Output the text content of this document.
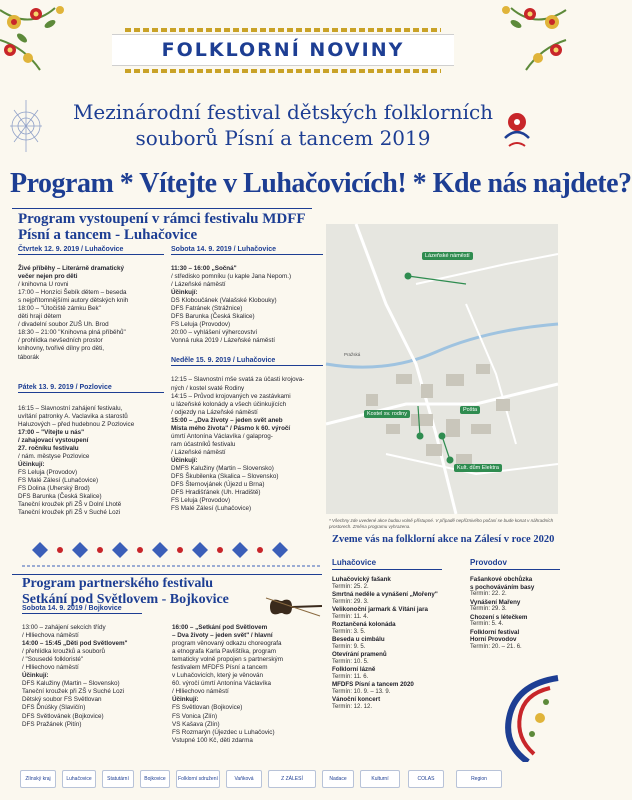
FOLKLORNÍ NOVINY
Mezinárodní festival dětských folklorních
souborů Písní a tancem 2019
Program * Vítejte v Luhačovicích! * Kde nás najdete?
Program vystoupení v rámci festivalu MDFF
Písní a tancem - Luhačovice
Čtvrtek 12. 9. 2019 / Luhačovice
Živé příběhy – Literárně dramatický
večer nejen pro děti
/ knihovna U rovni
17:00 – Honzíci Šebík dětem – beseda
s nejpřítomnějšími autory dětských knih
18:00 – "Útočiště zámku Bek"
děti hrají dětem
/ divadelní soubor ZUŠ Uh. Brod
18:30 – 21:00 "Knihovna plná příběhů"
/ prohlídka nevšedních prostor
knihovny, tvořivé dílny pro děti,
táborák
Pátek 13. 9. 2019 / Pozlovice
16:15 – Slavnostní zahájení festivalu,
uvítání patronky A. Vaclavika a starostů
Haluzových – před hudebnou Z Pozlovice
17:00 – "Vítejte u nás"
/ zahajovací vystoupení
27. ročníku festivalu
/ nám. městyse Pozlovice
Účinkují:
FS Leluja (Provodov)
FS Malé Zálesí (Luhačovice)
FS Dolina (Uherský Brod)
DFS Barunka (Česká Skalice)
Taneční kroužek při ZŠ v Dolní Lhotě
Taneční kroužek při ZŠ v Suché Lozi
Sobota 14. 9. 2019 / Luhačovice
11:30 – 16:00 „Sočná"
/ středisko pomníku (u kaple Jana Nepom.)
/ Lázeňské náměstí
Účinkují:
DS Kloboučánek (Valašské Klobouky)
DFS Fatránek (Strážnice)
DFS Barunka (Česká Skalice)
FS Leluja (Provodov)
20:00 – vyhlášení výhercovství
Vonná ruka 2019 / Lázeňské náměstí
Neděle 15. 9. 2019 / Luhačovice
12:15 – Slavnostní mše svatá za účasti krojova-
ných / kostel svaté Rodiny
14:15 – Průvod krojovaných ve zastávkami
u lázeňské kolonády a všech účinkujících
/ odjezdy na Lázeňské náměstí
15:00 – „Dva životy – jeden svět aneb
Místa mého života" / Pásmo k 60. výročí
úmrtí Antonína Václavíka / galaprog-
ram účastníků festivalu
/ Lázeňské náměstí
Účinkují:
DMFS Kalužiny (Martin – Slovensko)
DFS Škubilenka (Skalica – Slovensko)
DFS Šternovjánek (Újezd u Brna)
DFS Hradišťánek (Uh. Hradiště)
FS Leluja (Provodov)
FS Malé Zálesí (Luhačovice)
Lázeňské náměstí
Kostel sv. rodiny
Pošta
Kult. dům Elektra
Pražská
* Všechny zde uvedené akce budou volně přístupné. V případě nepříznivého počasí se bude konat v náhradních prostorech. Změna programu vyhrazena.
Zveme vás na folklorní akce na Zálesí v roce 2020
Luhačovice
Luhačovický fašank
Termín: 25. 2.
Smrtná neděle a vynášení „Mořeny"
Termín: 29. 3.
Velikonoční jarmark & Vítání jara
Termín: 11. 4.
Roztančená kolonáda
Termín: 3. 5.
Beseda u cimbálu
Termín: 9. 5.
Otevírání pramenů
Termín: 10. 5.
Folklorní lázně
Termín: 11. 6.
MFDFS Písní a tancem 2020
Termín: 10. 9. – 13. 9.
Vánoční koncert
Termín: 12. 12.
Provodov
Fašankové obchůzka
s pochováváním basy
Termín: 22. 2.
Vynášení Mařeny
Termín: 29. 3.
Chození s létečkem
Termín: 5. 4.
Folklorní festival
Horní Provodov
Termín: 20. – 21. 6.
Program partnerského festivalu
Setkání pod Světlovem - Bojkovice
Sobota 14. 9. 2019 / Bojkovice
13:00 – zahájení sekcích třídy
/ Hlliechova náměstí
14:00 – 15:45 „Děti pod Světlovem"
/ přehlídka kroužků a souborů
/ "Sousedé folkloristé"
/ Hlliechovo náměstí
Účinkují:
DFS Kalužiny (Martin – Slovensko)
Taneční kroužek při ZŠ v Suché Lozi
Dětský soubor FS Světlovan
DFS Ďnúšky (Slavičín)
DFS Světlovánek (Bojkovice)
DFS Pražánek (Pitín)
16:00 – „Setkání pod Světlovem
– Dva životy – jeden svět" / hlavní
program věnovaný odkazu choreografa
a etnografa Karla Pavlištíka, program
tematicky volně propojen s partnerským
festivalem MFDFS Písní a tancem
v Luhačovicích, který je věnován
60. výročí úmrtí Antonína Václavíka
/ Hlliechovo náměstí
Účinkují:
FS Světlovan (Bojkovice)
FS Vonica (Zlín)
VS Kašava (Zlín)
FS Rozmarýn (Újezdec u Luhačovic)
Vstupné 100 Kč, děti zdarma
Zlínský kraj	Luhačovice	Statutární	Bojkovice	Folklorní sdružení	Vaňková	Z ZÁLESÍ	Nadace	Kulturní	COLAS	Region
